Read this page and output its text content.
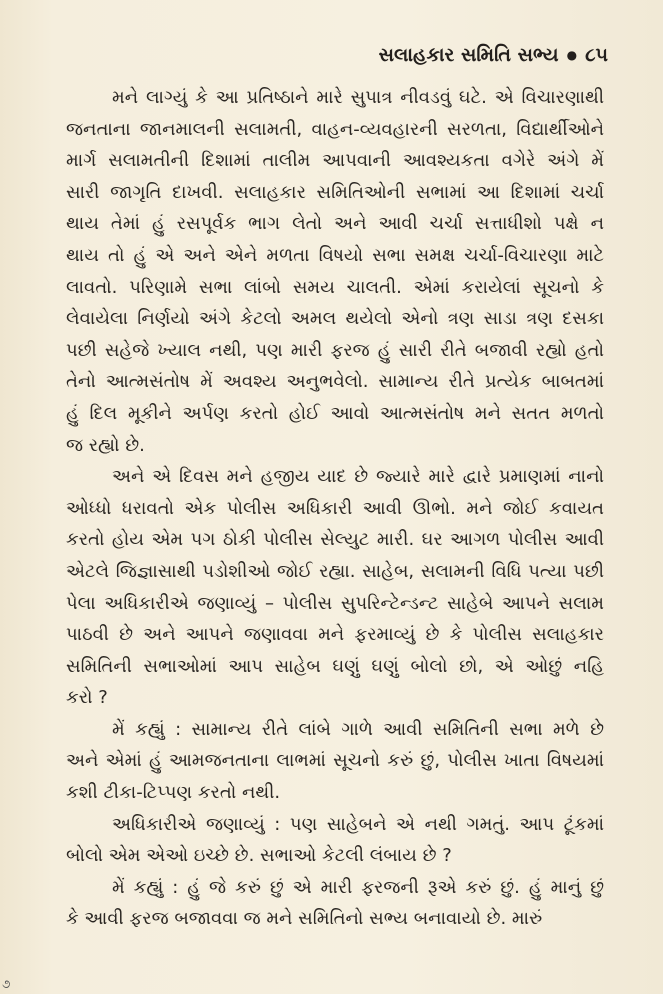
સલાહકાર સમિતિ સભ્ય ● ૮૫
મને લાગ્યું કે આ પ્રતિષ્ઠાને મારે સુપાત્ર નીવડવું ઘટે. એ વિચારણાથી
જનતાના જાનમાલની સલામતી, વાહન-વ્યવહારની સરળતા, વિદ્યાર્થીઓને
માર્ગ સલામતીની દિશામાં તાલીમ આપવાની આવશ્યકતા વગેરે અંગે મેં
સારી જાગૃતિ દાખવી. સલાહકાર સમિતિઓની સભામાં આ દિશામાં ચર્ચા
થાય તેમાં હું રસપૂર્વક ભાગ લેતો અને આવી ચર્ચા સત્તાધીશો પક્ષે ન
થાય તો હું એ અને એને મળતા વિષયો સભા સમક્ષ ચર્ચા-વિચારણા માટે
લાવતો. પરિણામે સભા લાંબો સમય ચાલતી. એમાં કરાયેલાં સૂચનો કે
લેવાયેલા નિર્ણયો અંગે કેટલો અમલ થયેલો એનો ત્રણ સાડા ત્રણ દસકા
પછી સહેજે ખ્યાલ નથી, પણ મારી ફરજ હું સારી રીતે બજાવી રહ્યો હતો
તેનો આત્મસંતોષ મેં અવશ્ય અનુભવેલો. સામાન્ય રીતે પ્રત્યેક બાબતમાં
હું દિલ મૂકીને અર્પણ કરતો હોઈ આવો આત્મસંતોષ મને સતત મળતો
જ રહ્યો છે.
અને એ દિવસ મને હજીય યાદ છે જ્યારે મારે દ્વારે પ્રમાણમાં નાનો
ઓધ્ધો ધરાવતો એક પોલીસ અધિકારી આવી ઊભો. મને જોઈ કવાયત
કરતો હોય એમ પગ ઠોકી પોલીસ સેલ્યુટ મારી. ઘર આગળ પોલીસ આવી
એટલે જિજ્ઞાસાથી પડોશીઓ જોઈ રહ્યા. સાહેબ, સલામની વિધિ પત્યા પછી
પેલા અધિકારીએ જણાવ્યું – પોલીસ સુપરિન્ટેન્ડન્ટ સાહેબે આપને સલામ
પાઠવી છે અને આપને જણાવવા મને ફરમાવ્યું છે કે પોલીસ સલાહકાર
સમિતિની સભાઓમાં આપ સાહેબ ઘણું ઘણું બોલો છો, એ ઓછું નહિ
કરો ?
મેં કહ્યું : સામાન્ય રીતે લાંબે ગાળે આવી સમિતિની સભા મળે છે
અને એમાં હું આમજનતાના લાભમાં સૂચનો કરું છું, પોલીસ ખાતા વિષયમાં
કશી ટીકા-ટિપ્પણ કરતો નથી.
અધિકારીએ જણાવ્યું : પણ સાહેબને એ નથી ગમતું. આપ ટૂંકમાં
બોલો એમ એઓ ઇચ્છે છે. સભાઓ કેટલી લંબાય છે ?
મેં કહ્યું : હું જે કરું છું એ મારી ફરજની રૂએ કરું છું. હું માનું છું
કે આવી ફરજ બજાવવા જ મને સમિતિનો સભ્ય બનાવાયો છે. મારું
૭
